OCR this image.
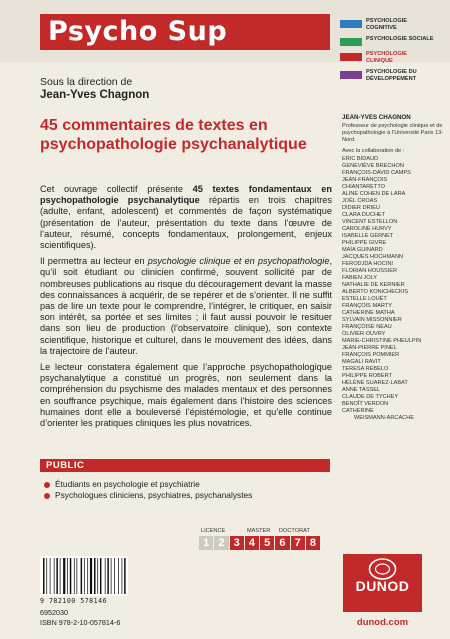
Psycho Sup	PSYCHOLOGIE COGNITIVE
PSYCHOLOGIE SOCIALE
PSYCHOLOGIE CLINIQUE
PSYCHOLOGIE DU DÉVELOPPEMENT
Sous la direction de
Jean-Yves Chagnon
45 commentaires de textes en psychopathologie psychanalytique

Cet ouvrage collectif présente 45 textes fondamentaux en psychopathologie psychanalytique répartis en trois chapitres (adulte, enfant, adolescent) et commentés de façon systématique (présentation de l’auteur, présentation du texte dans l’œuvre de l’auteur, résumé, concepts fondamentaux, prolongement, enjeux scientifiques).

Il permettra au lecteur en psychologie clinique et en psychopathologie, qu’il soit étudiant ou clinicien confirmé, souvent sollicité par de nombreuses publications au risque du découragement devant la masse des connaissances à acquérir, de se repérer et de s’orienter. Il ne suffit pas de lire un texte pour le comprendre, l’intégrer, le critiquer, en saisir son intérêt, sa portée et ses limites ; il faut aussi pouvoir le resituer dans son lieu de production (l’observatoire clinique), son contexte scientifique, historique et culturel, dans le mouvement des idées, dans la trajectoire de l’auteur.

Le lecteur constatera également que l’approche psychopathologique psychanalytique a constitué un progrès, non seulement dans la compréhension du psychisme des malades mentaux et des personnes en souffrance psychique, mais également dans l’histoire des sciences humaines dont elle a bouleversé l’épistémologie, et qu’elle continue d’orienter les pratiques cliniques les plus novatrices.

JEAN-YVES CHAGNON
Professeur de psychologie clinique et de psychopathologie à l’Université Paris 13-Nord.
Avec la collaboration de :
ERIC BIDAUD
GENEVIÈVE BRECHON
FRANÇOIS-DAVID CAMPS
JEAN-FRANÇOIS
CHIANTARETTO
ALINE COHEN DE LARA
JOËL CROAS
DIDIER DRIEU
CLARA DUCHET
VINCENT ESTELLON
CAROLINE HURVY
ISABELLE GERNET
PHILIPPE GIVRE
MAÏA GUINARD
JACQUES HOCHMANN
FERODJDA HOCINI
FLORIAN HOUSSIER
FABIEN JOLY
NATHALIE DE KERNIER
ALBERTO KONICHECKIS
ESTELLE LOUËT
FRANÇOIS MARTY
CATHERINE MATHA
SYLVAIN MISSONNIER
FRANÇOISE NEAU
OLIVIER OUVRY
MARIE-CHRISTINE PHEULPIN
JEAN-PIERRE PINEL
FRANÇOIS POMMIER
MAGALI RAVIT
TERESA REBELO
PHILIPPE ROBERT
HÉLÈNE SUAREZ-LABAT
ANNE TASSEL
CLAUDE DE TYCHEY
BENOÎT VERDON
CATHERINE
WEISMANN-ARCACHE
PUBLIC
Étudiants en psychologie et psychiatrie
Psychologues cliniciens, psychiatres, psychanalystes
LICENCE	MASTER DOCTORAT
1 2 3 4 5 6 7 8
9 782100 578146
6952030
ISBN 978-2-10-057814-6
DUNOD
dunod.com
